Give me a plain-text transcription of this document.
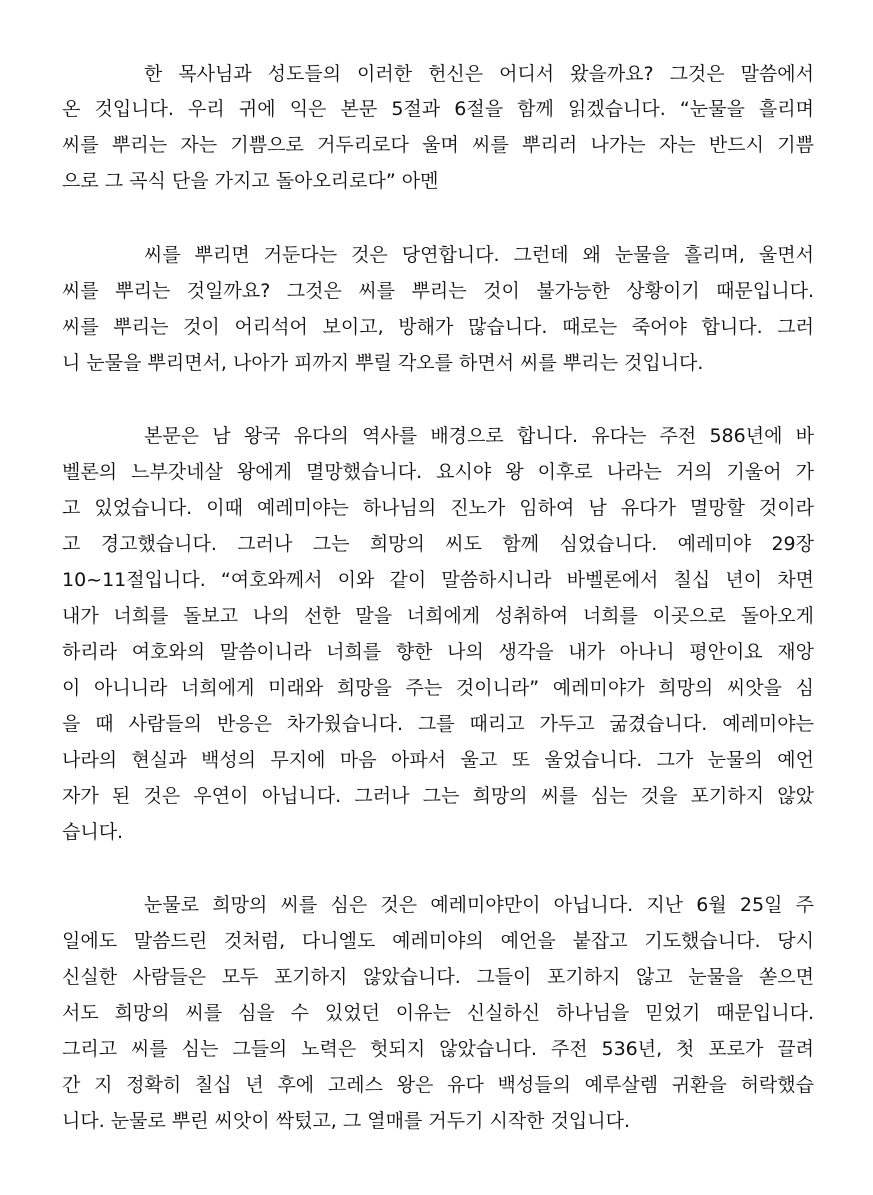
한 목사님과 성도들의 이러한 헌신은 어디서 왔을까요? 그것은 말씀에서
온 것입니다. 우리 귀에 익은 본문 5절과 6절을 함께 읽겠습니다. “눈물을 흘리며
씨를 뿌리는 자는 기쁨으로 거두리로다 울며 씨를 뿌리러 나가는 자는 반드시 기쁨
으로 그 곡식 단을 가지고 돌아오리로다” 아멘
씨를 뿌리면 거둔다는 것은 당연합니다. 그런데 왜 눈물을 흘리며, 울면서
씨를 뿌리는 것일까요? 그것은 씨를 뿌리는 것이 불가능한 상황이기 때문입니다.
씨를 뿌리는 것이 어리석어 보이고, 방해가 많습니다. 때로는 죽어야 합니다. 그러
니 눈물을 뿌리면서, 나아가 피까지 뿌릴 각오를 하면서 씨를 뿌리는 것입니다.
본문은 남 왕국 유다의 역사를 배경으로 합니다. 유다는 주전 586년에 바
벨론의 느부갓네살 왕에게 멸망했습니다. 요시야 왕 이후로 나라는 거의 기울어 가
고 있었습니다. 이때 예레미야는 하나님의 진노가 임하여 남 유다가 멸망할 것이라
고 경고했습니다. 그러나 그는 희망의 씨도 함께 심었습니다. 예레미야 29장
10~11절입니다. “여호와께서 이와 같이 말씀하시니라 바벨론에서 칠십 년이 차면
내가 너희를 돌보고 나의 선한 말을 너희에게 성취하여 너희를 이곳으로 돌아오게
하리라 여호와의 말씀이니라 너희를 향한 나의 생각을 내가 아나니 평안이요 재앙
이 아니니라 너희에게 미래와 희망을 주는 것이니라” 예레미야가 희망의 씨앗을 심
을 때 사람들의 반응은 차가웠습니다. 그를 때리고 가두고 굶겼습니다. 예레미야는
나라의 현실과 백성의 무지에 마음 아파서 울고 또 울었습니다. 그가 눈물의 예언
자가 된 것은 우연이 아닙니다. 그러나 그는 희망의 씨를 심는 것을 포기하지 않았
습니다.
눈물로 희망의 씨를 심은 것은 예레미야만이 아닙니다. 지난 6월 25일 주
일에도 말씀드린 것처럼, 다니엘도 예레미야의 예언을 붙잡고 기도했습니다. 당시
신실한 사람들은 모두 포기하지 않았습니다. 그들이 포기하지 않고 눈물을 쏟으면
서도 희망의 씨를 심을 수 있었던 이유는 신실하신 하나님을 믿었기 때문입니다.
그리고 씨를 심는 그들의 노력은 헛되지 않았습니다. 주전 536년, 첫 포로가 끌려
간 지 정확히 칠십 년 후에 고레스 왕은 유다 백성들의 예루살렘 귀환을 허락했습
니다. 눈물로 뿌린 씨앗이 싹텄고, 그 열매를 거두기 시작한 것입니다.
